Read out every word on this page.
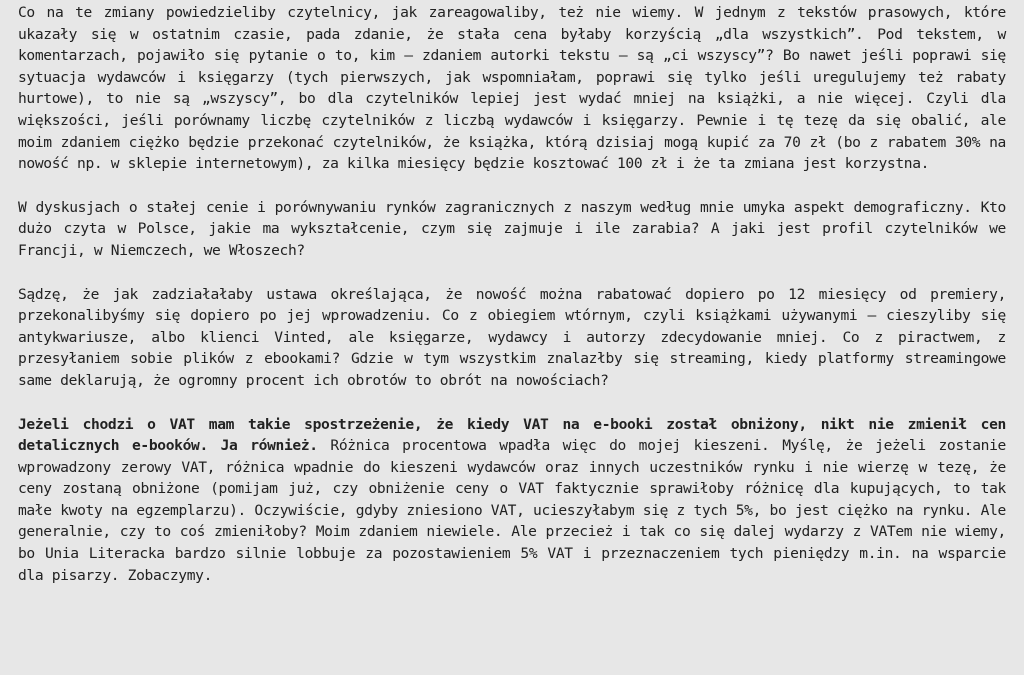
Co na te zmiany powiedzieliby czytelnicy, jak zareagowaliby, też nie wiemy. W jednym z tekstów prasowych, które ukazały się w ostatnim czasie, pada zdanie, że stała cena byłaby korzyścią „dla wszystkich”. Pod tekstem, w komentarzach, pojawiło się pytanie o to, kim – zdaniem autorki tekstu – są „ci wszyscy”? Bo nawet jeśli poprawi się sytuacja wydawców i księgarzy (tych pierwszych, jak wspomniałam, poprawi się tylko jeśli uregulujemy też rabaty hurtowe), to nie są „wszyscy”, bo dla czytelników lepiej jest wydać mniej na książki, a nie więcej. Czyli dla większości, jeśli porównamy liczbę czytelników z liczbą wydawców i księgarzy. Pewnie i tę tezę da się obalić, ale moim zdaniem ciężko będzie przekonać czytelników, że książka, którą dzisiaj mogą kupić za 70 zł (bo z rabatem 30% na nowość np. w sklepie internetowym), za kilka miesięcy będzie kosztować 100 zł i że ta zmiana jest korzystna.

W dyskusjach o stałej cenie i porównywaniu rynków zagranicznych z naszym według mnie umyka aspekt demograficzny. Kto dużo czyta w Polsce, jakie ma wykształcenie, czym się zajmuje i ile zarabia? A jaki jest profil czytelników we Francji, w Niemczech, we Włoszech?

Sądzę, że jak zadziałałaby ustawa określająca, że nowość można rabatować dopiero po 12 miesięcy od premiery, przekonalibyśmy się dopiero po jej wprowadzeniu. Co z obiegiem wtórnym, czyli książkami używanymi – cieszyliby się antykwariusze, albo klienci Vinted, ale księgarze, wydawcy i autorzy zdecydowanie mniej. Co z piractwem, z przesyłaniem sobie plików z ebookami? Gdzie w tym wszystkim znalazłby się streaming, kiedy platformy streamingowe same deklarują, że ogromny procent ich obrotów to obrót na nowościach?

Jeżeli chodzi o VAT mam takie spostrzeżenie, że kiedy VAT na e-booki został obniżony, nikt nie zmienił cen detalicznych e-booków. Ja również. Różnica procentowa wpadła więc do mojej kieszeni. Myślę, że jeżeli zostanie wprowadzony zerowy VAT, różnica wpadnie do kieszeni wydawców oraz innych uczestników rynku i nie wierzę w tezę, że ceny zostaną obniżone (pomijam już, czy obniżenie ceny o VAT faktycznie sprawiłoby różnicę dla kupujących, to tak małe kwoty na egzemplarzu). Oczywiście, gdyby zniesiono VAT, ucieszyłabym się z tych 5%, bo jest ciężko na rynku. Ale generalnie, czy to coś zmieniłoby? Moim zdaniem niewiele. Ale przecież i tak co się dalej wydarzy z VATem nie wiemy, bo Unia Literacka bardzo silnie lobbuje za pozostawieniem 5% VAT i przeznaczeniem tych pieniędzy m.in. na wsparcie dla pisarzy. Zobaczymy.
